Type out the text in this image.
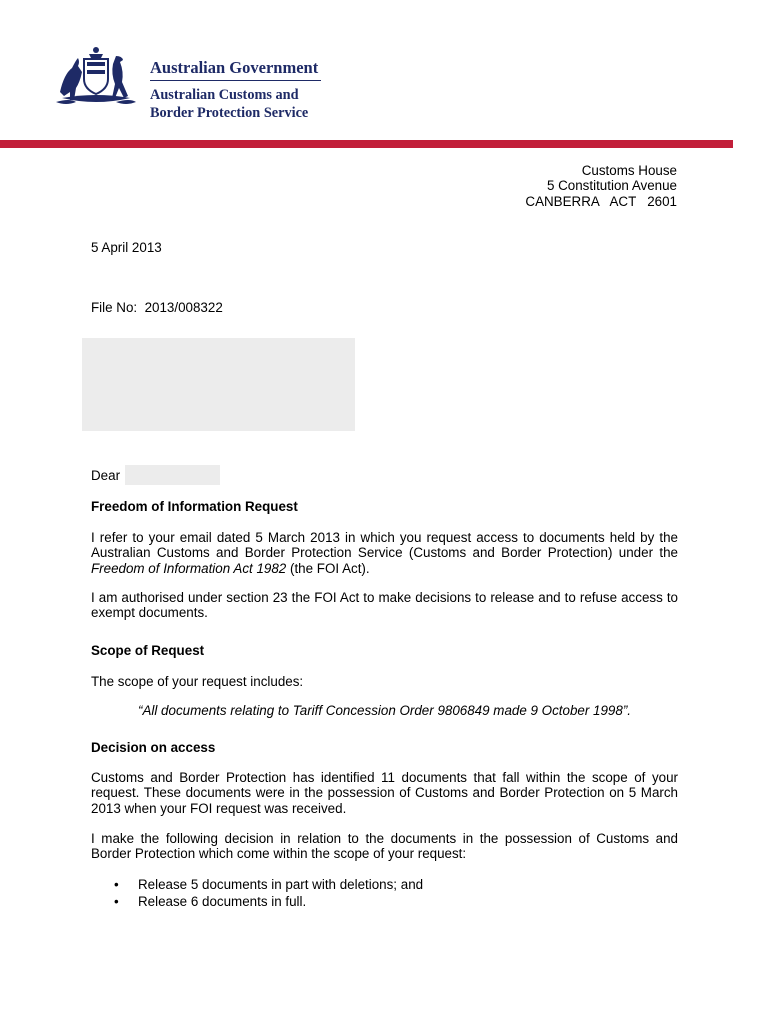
Australian Government
Australian Customs and
Border Protection Service
Customs House
5 Constitution Avenue
CANBERRA   ACT   2601
5 April 2013
File No:  2013/008322
Dear
Freedom of Information Request
I refer to your email dated 5 March 2013 in which you request access to documents held by the Australian Customs and Border Protection Service (Customs and Border Protection) under the Freedom of Information Act 1982 (the FOI Act).
I am authorised under section 23 the FOI Act to make decisions to release and to refuse access to exempt documents.
Scope of Request
The scope of your request includes:
“All documents relating to Tariff Concession Order 9806849 made 9 October 1998”.
Decision on access
Customs and Border Protection has identified 11 documents that fall within the scope of your request. These documents were in the possession of Customs and Border Protection on 5 March 2013 when your FOI request was received.
I make the following decision in relation to the documents in the possession of Customs and Border Protection which come within the scope of your request:
• Release 5 documents in part with deletions; and
• Release 6 documents in full.
